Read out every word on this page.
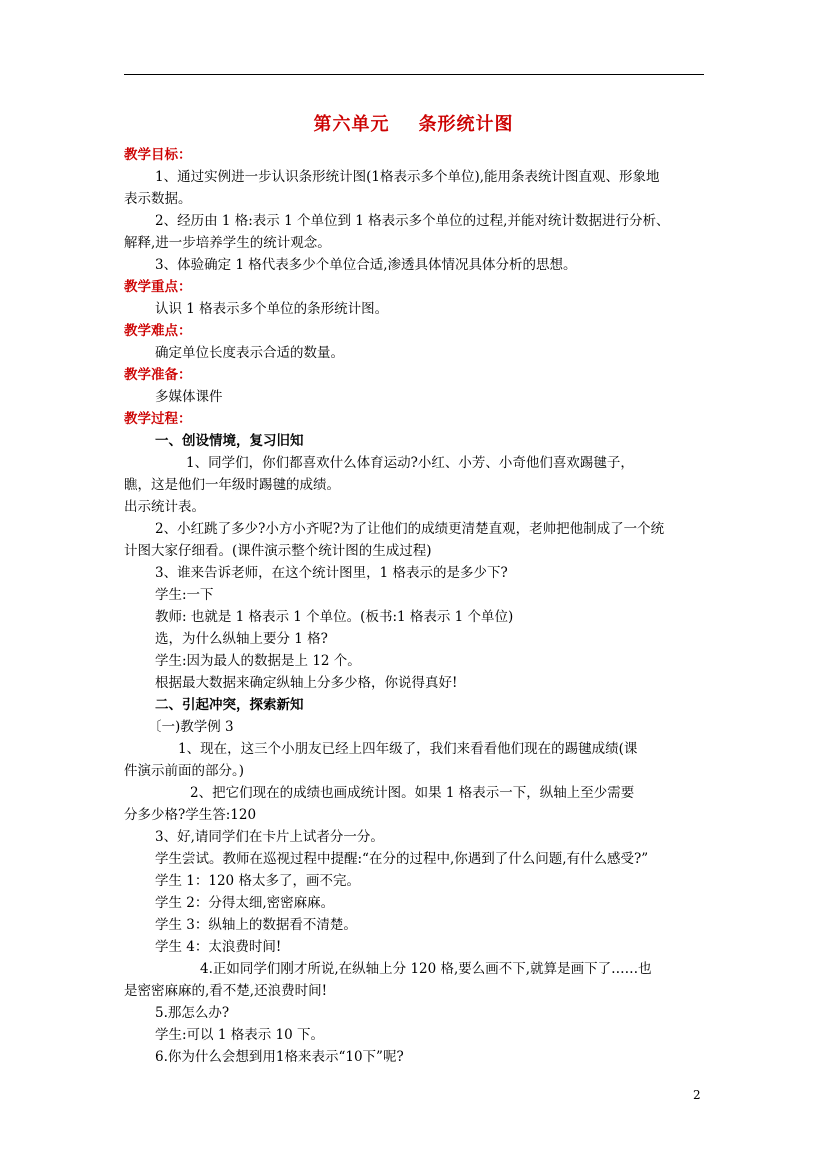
第六单元    条形统计图
教学目标：
1、通过实例进一步认识条形统计图(1格表示多个单位),能用条表统计图直观、形象地
表示数据。
2、经历由 1 格:表示 1 个单位到 1 格表示多个单位的过程,并能对统计数据进行分析、
解释,进一步培养学生的统计观念。
3、体验确定 1 格代表多少个单位合适,渗透具体情况具体分析的思想。
教学重点：
认识 1 格表示多个单位的条形统计图。
教学难点：
确定单位长度表示合适的数量。
教学准备：
多媒体课件
教学过程：
一、创设情境，复习旧知
1、同学们，你们都喜欢什么体育运动?小红、小芳、小奇他们喜欢踢毽子，
瞧，这是他们一年级时踢毽的成绩。
出示统计表。
2、小红跳了多少?小方小齐呢?为了让他们的成绩更清楚直观，老帅把他制成了一个统
计图大家仔细看。(课件演示整个统计图的生成过程)
3、谁来告诉老师，在这个统计图里，1 格表示的是多少下?
学生:一下
教师: 也就是 1 格表示 1 个单位。(板书:1 格表示 1 个单位)
选，为什么纵轴上要分 1 格?
学生:因为最人的数据是上 12 个。
根据最大数据来确定纵轴上分多少格，你说得真好!
二、引起冲突，探索新知
〔一)教学例 3
1、现在，这三个小朋友已经上四年级了，我们来看看他们现在的踢毽成绩(课
件演示前面的部分。)
2、把它们现在的成绩也画成统计图。如果 1 格表示一下，纵轴上至少需要
分多少格?学生答:120
3、好,请同学们在卡片上试者分一分。
学生尝试。教师在巡视过程中提醒:“在分的过程中,你遇到了什么问题,有什么感受?”
学生 1：120 格太多了，画不完。
学生 2：分得太细,密密麻麻。
学生 3：纵轴上的数据看不清楚。
学生 4：太浪费时间!
4.正如同学们刚才所说,在纵轴上分 120 格,要么画不下,就算是画下了……也
是密密麻麻的,看不楚,还浪费时间!
5.那怎么办?
学生:可以 1 格表示 10 下。
6.你为什么会想到用1格来表示“10下”呢?
2
